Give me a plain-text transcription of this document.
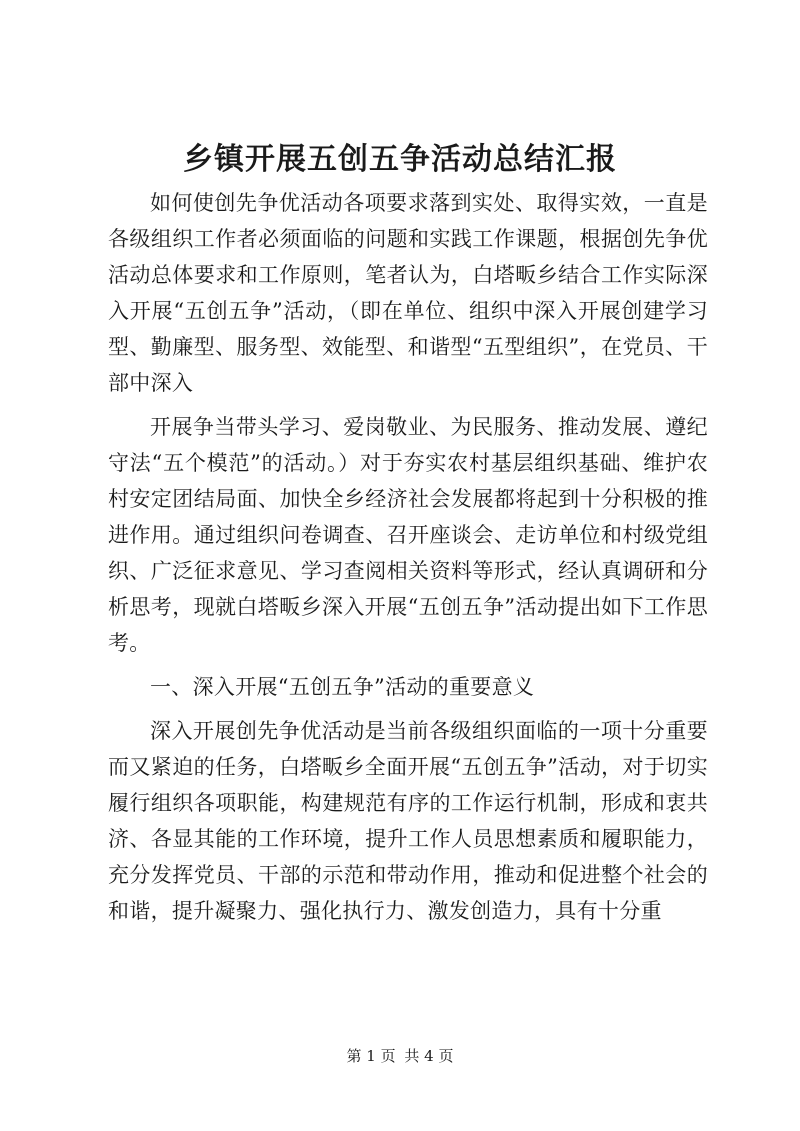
乡镇开展五创五争活动总结汇报

如何使创先争优活动各项要求落到实处、取得实效，一直是各级组织工作者必须面临的问题和实践工作课题，根据创先争优活动总体要求和工作原则，笔者认为，白塔畈乡结合工作实际深入开展“五创五争”活动，（即在单位、组织中深入开展创建学习型、勤廉型、服务型、效能型、和谐型“五型组织”，在党员、干部中深入

开展争当带头学习、爱岗敬业、为民服务、推动发展、遵纪守法“五个模范”的活动。）对于夯实农村基层组织基础、维护农村安定团结局面、加快全乡经济社会发展都将起到十分积极的推进作用。通过组织问卷调查、召开座谈会、走访单位和村级党组织、广泛征求意见、学习查阅相关资料等形式，经认真调研和分析思考，现就白塔畈乡深入开展“五创五争”活动提出如下工作思考。

一、深入开展“五创五争”活动的重要意义

深入开展创先争优活动是当前各级组织面临的一项十分重要而又紧迫的任务，白塔畈乡全面开展“五创五争”活动，对于切实履行组织各项职能，构建规范有序的工作运行机制，形成和衷共济、各显其能的工作环境，提升工作人员思想素质和履职能力，充分发挥党员、干部的示范和带动作用，推动和促进整个社会的和谐，提升凝聚力、强化执行力、激发创造力，具有十分重

第 1 页 共 4 页
